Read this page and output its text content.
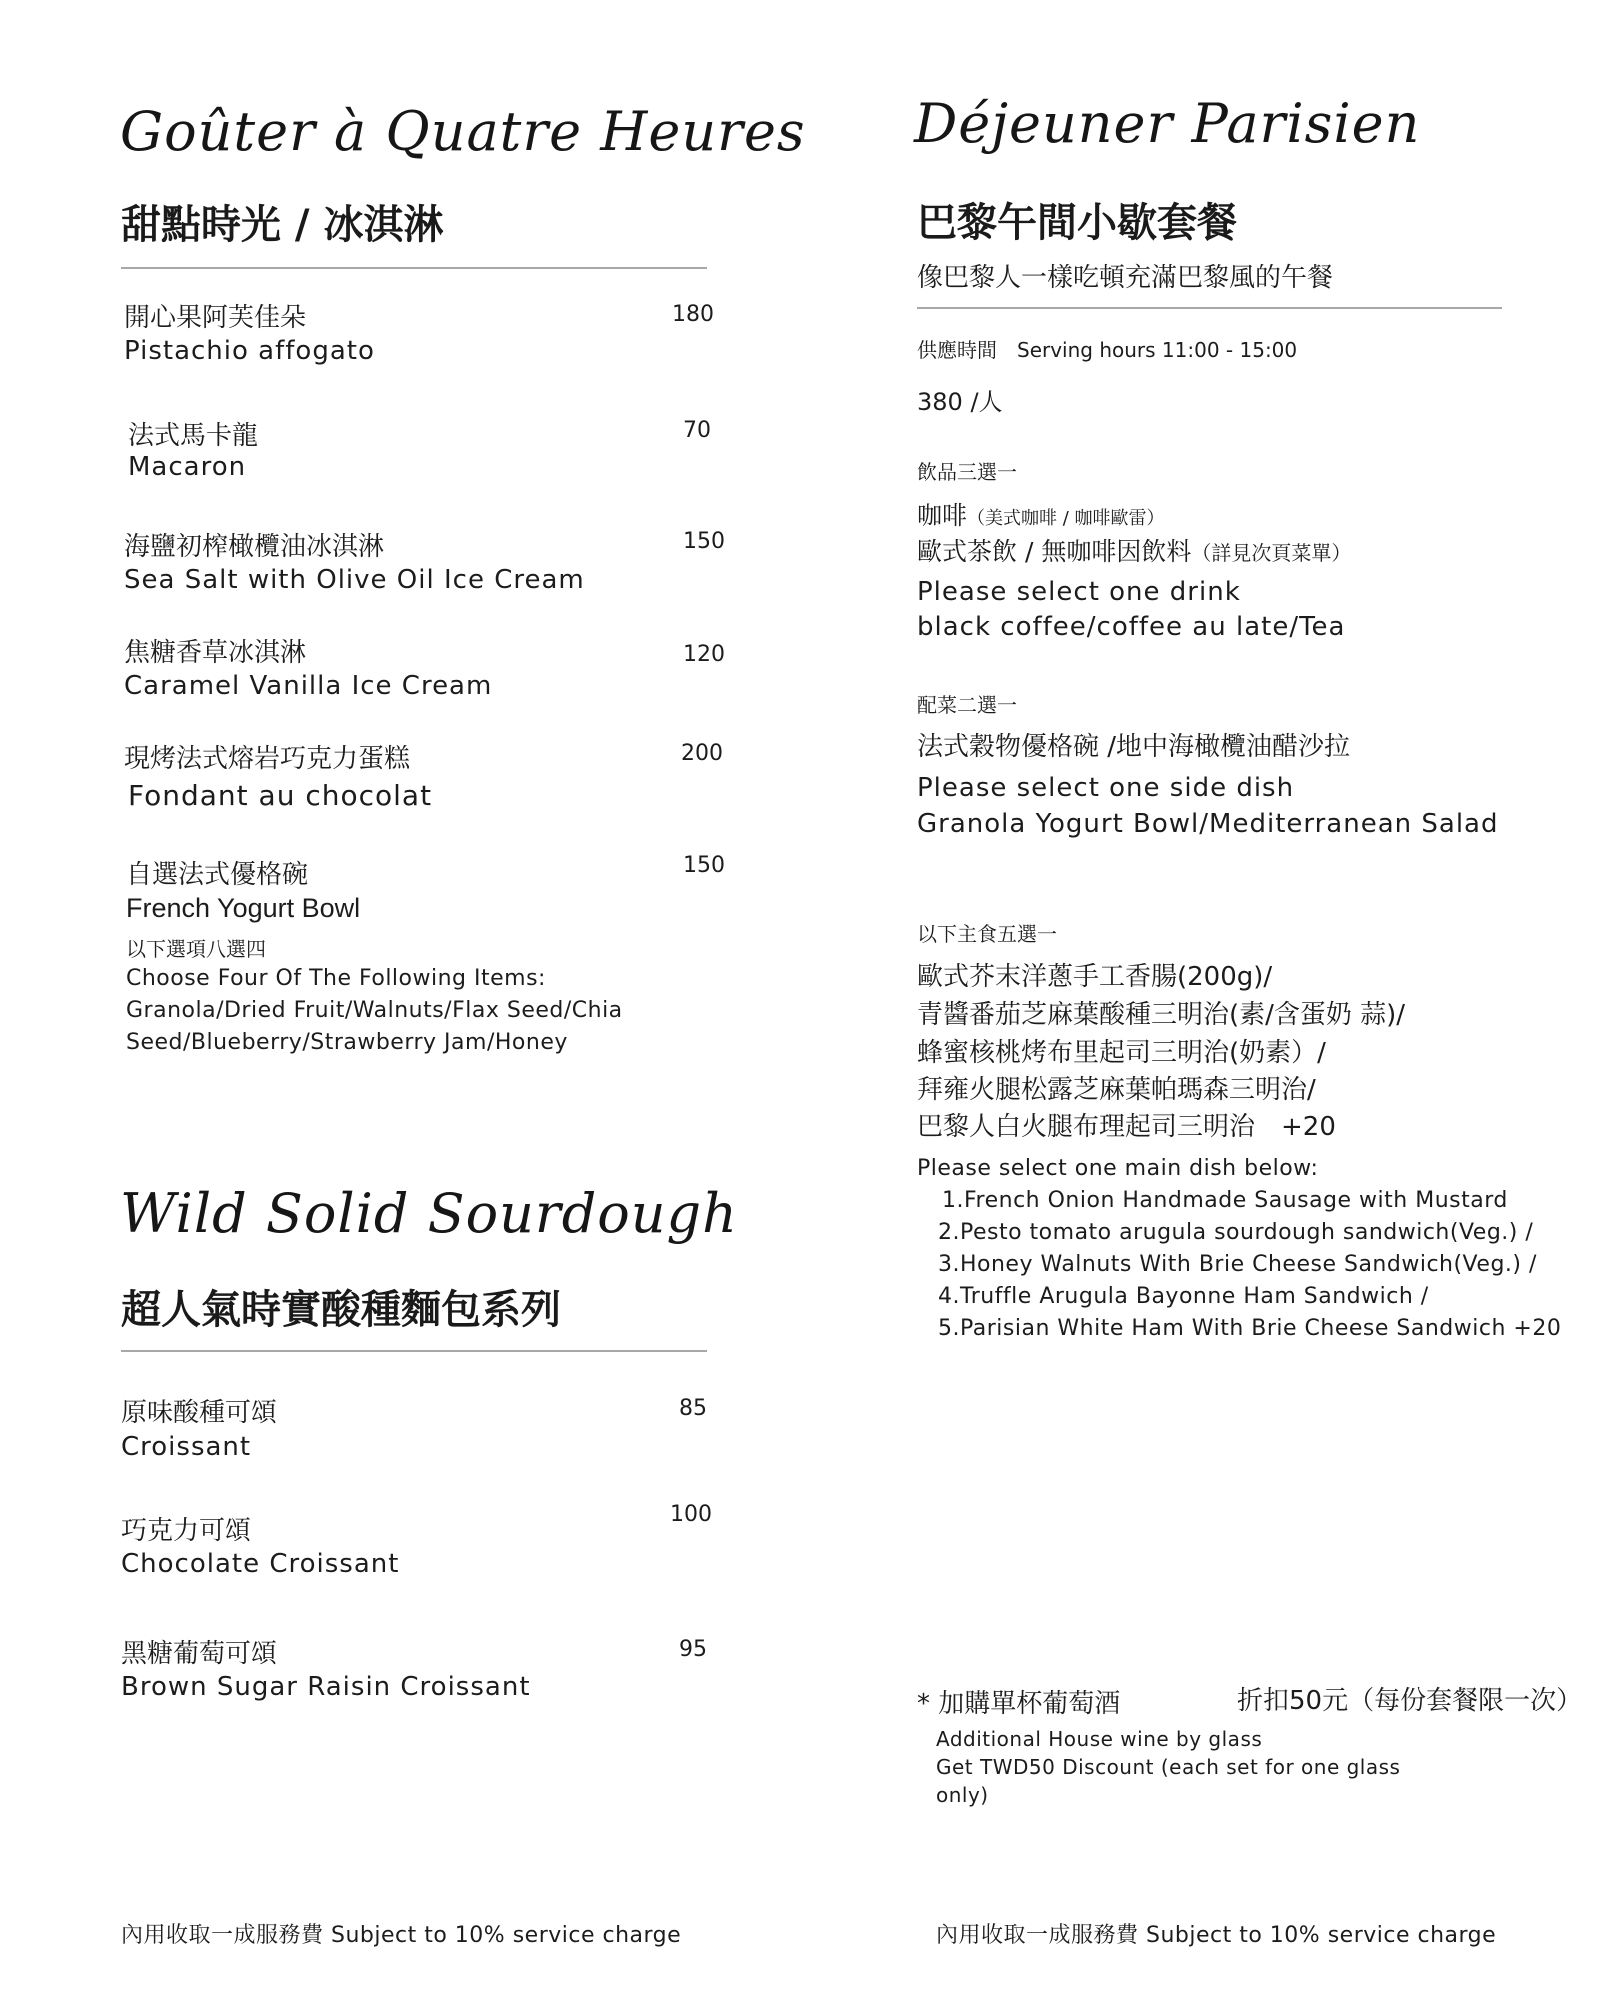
Goûter à Quatre Heures
甜點時光 / 冰淇淋
開心果阿芙佳朵
Pistachio affogato
180
法式馬卡龍
Macaron
70
海鹽初榨橄欖油冰淇淋
Sea Salt with Olive Oil Ice Cream
150
焦糖香草冰淇淋
Caramel Vanilla Ice Cream
120
現烤法式熔岩巧克力蛋糕
Fondant au chocolat
200
自選法式優格碗
French Yogurt Bowl
150
以下選項八選四
Choose Four Of The Following Items:
Granola/Dried Fruit/Walnuts/Flax Seed/Chia
Seed/Blueberry/Strawberry Jam/Honey
Wild Solid Sourdough
超人氣時實酸種麵包系列
原味酸種可頌
Croissant
85
巧克力可頌
Chocolate Croissant
100
黑糖葡萄可頌
Brown Sugar Raisin Croissant
95
內用收取一成服務費 Subject to 10% service charge
Déjeuner Parisien
巴黎午間小歇套餐
像巴黎人一樣吃頓充滿巴黎風的午餐
供應時間　Serving hours 11:00 - 15:00
380 /人
飲品三選一
咖啡（美式咖啡 / 咖啡歐雷）
歐式茶飲 / 無咖啡因飲料（詳見次頁菜單）
Please select one drink
black coffee/coffee au late/Tea
配菜二選一
法式穀物優格碗 /地中海橄欖油醋沙拉
Please select one side dish
Granola Yogurt Bowl/Mediterranean Salad
以下主食五選一
歐式芥末洋蔥手工香腸(200g)/
青醬番茄芝麻葉酸種三明治(素/含蛋奶 蒜)/
蜂蜜核桃烤布里起司三明治(奶素）/
拜雍火腿松露芝麻葉帕瑪森三明治/
巴黎人白火腿布理起司三明治　+20
Please select one main dish below:
1.French Onion Handmade Sausage with Mustard
2.Pesto tomato arugula sourdough sandwich(Veg.) /
3.Honey Walnuts With Brie Cheese Sandwich(Veg.) /
4.Truffle Arugula Bayonne Ham Sandwich /
5.Parisian White Ham With Brie Cheese Sandwich +20
* 加購單杯葡萄酒	折扣50元（每份套餐限一次）
Additional House wine by glass
Get TWD50 Discount (each set for one glass
only)
內用收取一成服務費 Subject to 10% service charge
